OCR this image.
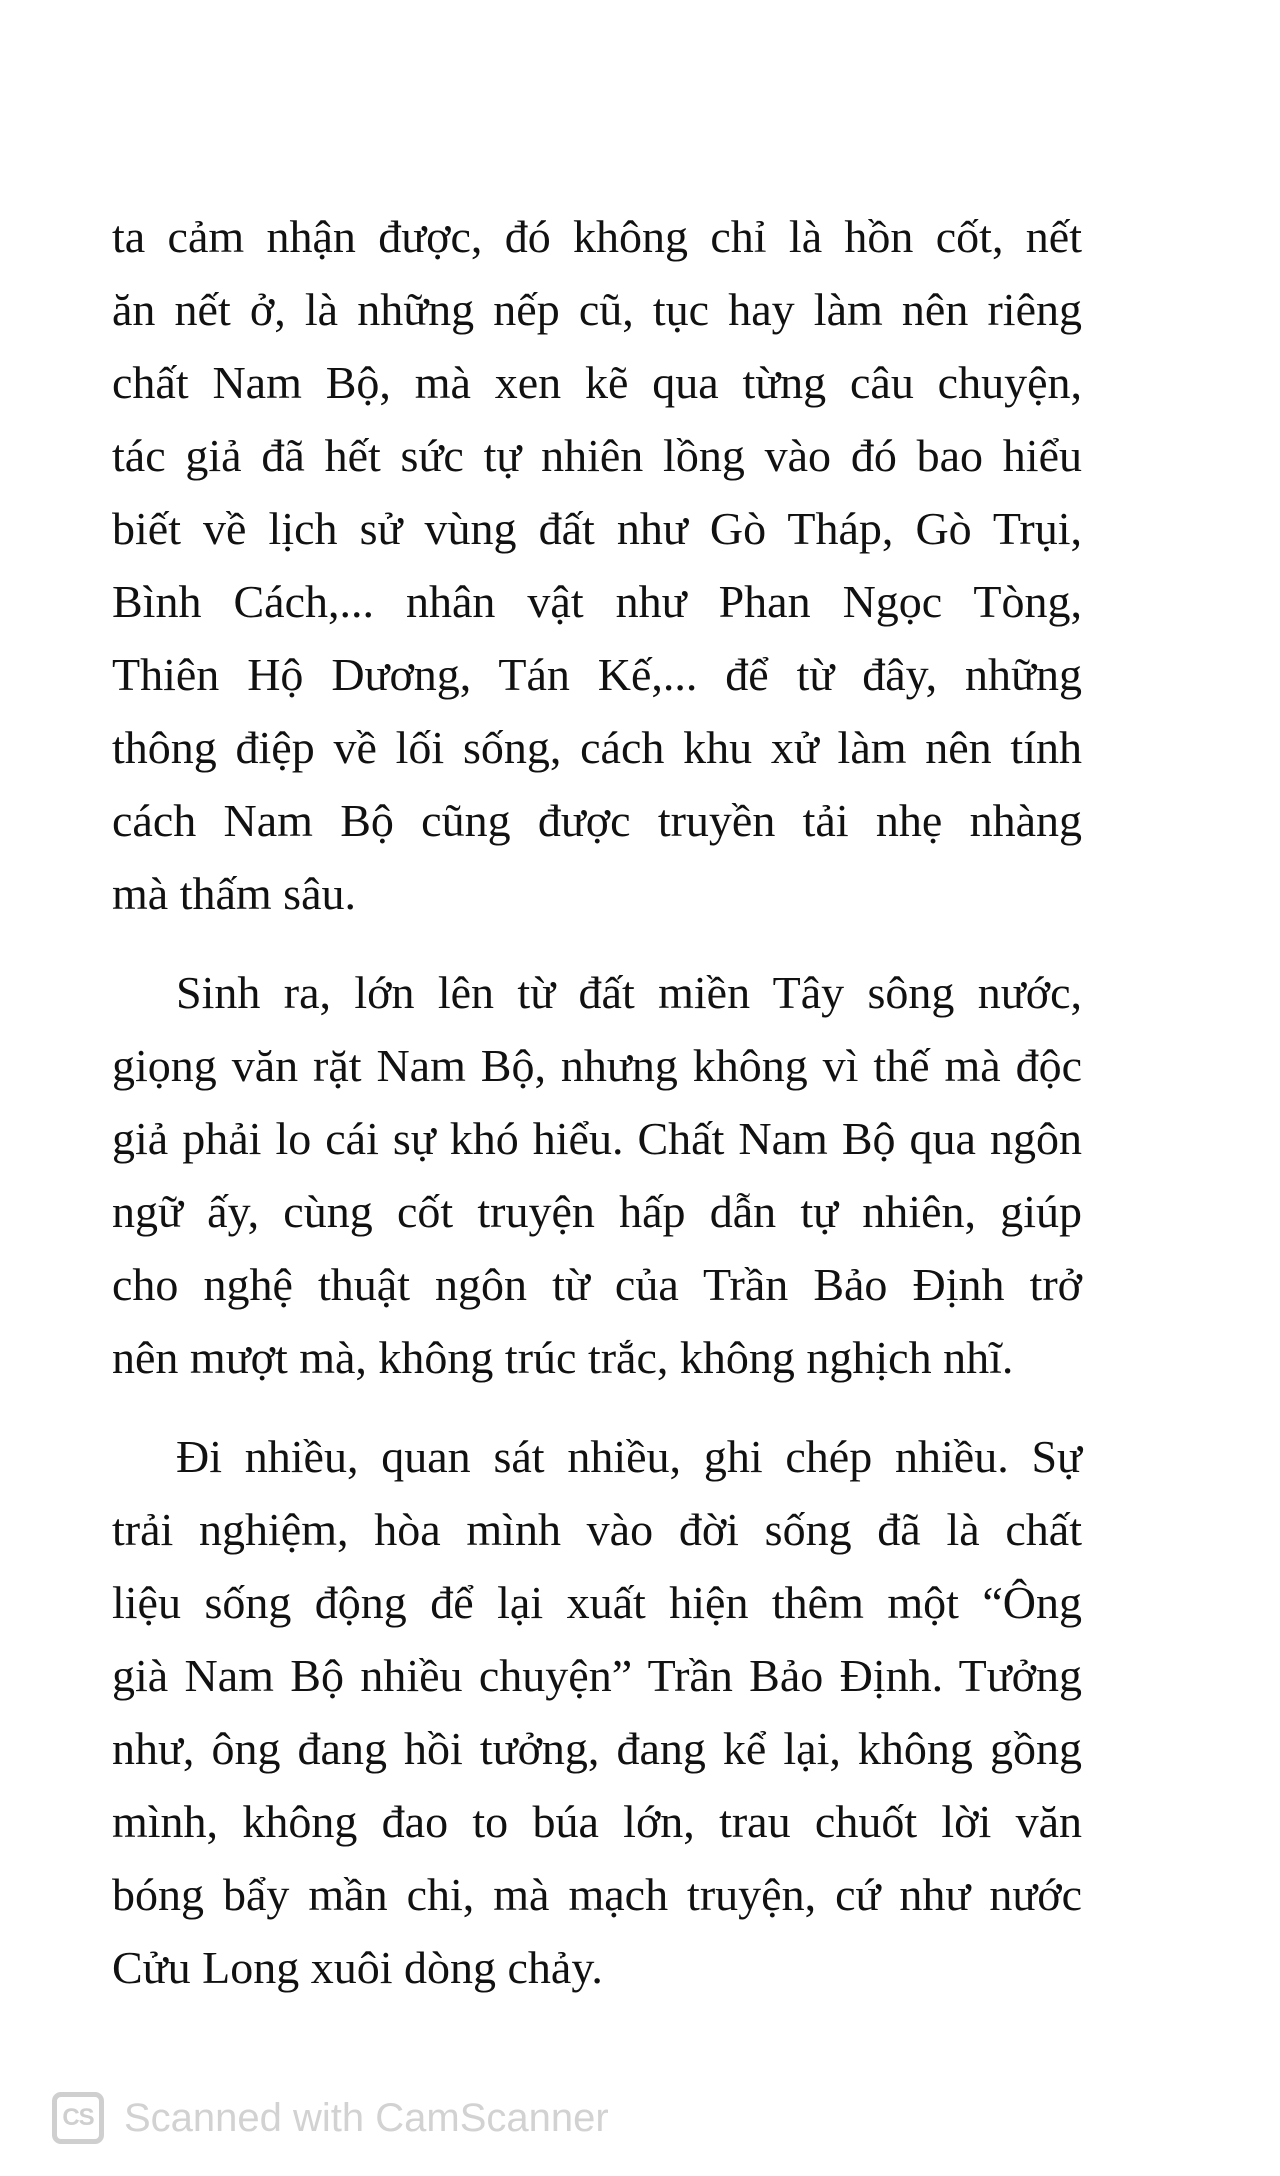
ta cảm nhận được, đó không chỉ là hồn cốt, nết
ăn nết ở, là những nếp cũ, tục hay làm nên riêng
chất Nam Bộ, mà xen kẽ qua từng câu chuyện,
tác giả đã hết sức tự nhiên lồng vào đó bao hiểu
biết về lịch sử vùng đất như Gò Tháp, Gò Trụi,
Bình Cách,... nhân vật như Phan Ngọc Tòng,
Thiên Hộ Dương, Tán Kế,... để từ đây, những
thông điệp về lối sống, cách khu xử làm nên tính
cách Nam Bộ cũng được truyền tải nhẹ nhàng
mà thấm sâu.
Sinh ra, lớn lên từ đất miền Tây sông nước,
giọng văn rặt Nam Bộ, nhưng không vì thế mà độc
giả phải lo cái sự khó hiểu. Chất Nam Bộ qua ngôn
ngữ ấy, cùng cốt truyện hấp dẫn tự nhiên, giúp
cho nghệ thuật ngôn từ của Trần Bảo Định trở
nên mượt mà, không trúc trắc, không nghịch nhĩ.
Đi nhiều, quan sát nhiều, ghi chép nhiều. Sự
trải nghiệm, hòa mình vào đời sống đã là chất
liệu sống động để lại xuất hiện thêm một “Ông
già Nam Bộ nhiều chuyện” Trần Bảo Định. Tưởng
như, ông đang hồi tưởng, đang kể lại, không gồng
mình, không đao to búa lớn, trau chuốt lời văn
bóng bẩy mần chi, mà mạch truyện, cứ như nước
Cửu Long xuôi dòng chảy.
CS Scanned with CamScanner
